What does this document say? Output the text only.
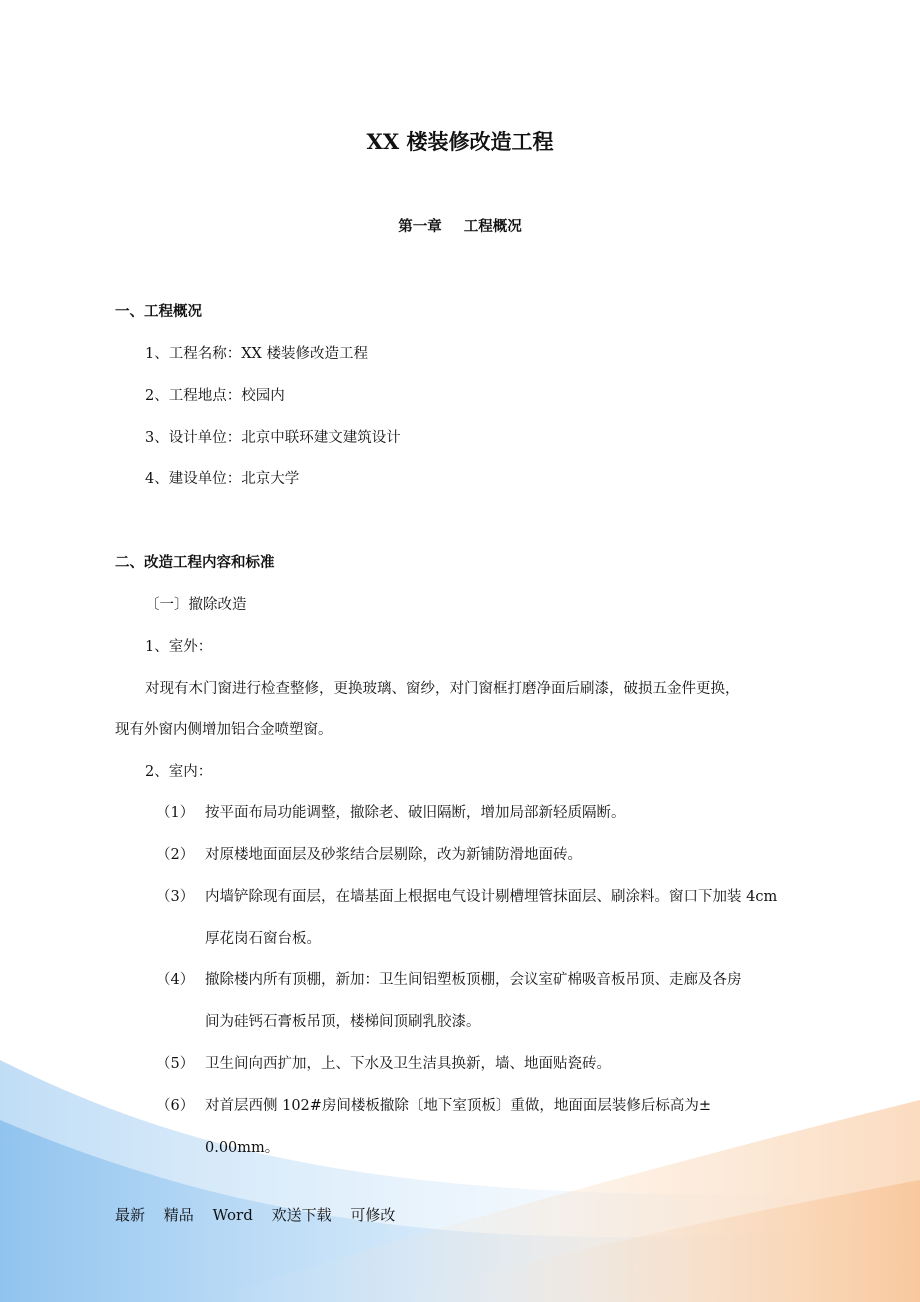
XX 楼装修改造工程
第一章 工程概况
一、工程概况
1、工程名称：XX 楼装修改造工程
2、工程地点：校园内
3、设计单位：北京中联环建文建筑设计
4、建设单位：北京大学
二、改造工程内容和标准
〔一〕撤除改造
1、室外：
对现有木门窗进行检查整修，更换玻璃、窗纱，对门窗框打磨净面后刷漆，破损五金件更换，
现有外窗内侧增加铝合金喷塑窗。
2、室内：
（1） 按平面布局功能调整，撤除老、破旧隔断，增加局部新轻质隔断。
（2） 对原楼地面面层及砂浆结合层剔除，改为新铺防滑地面砖。
（3） 内墙铲除现有面层，在墙基面上根据电气设计剔槽埋管抹面层、刷涂料。窗口下加装 4cm
厚花岗石窗台板。
（4） 撤除楼内所有顶棚，新加：卫生间铝塑板顶棚，会议室矿棉吸音板吊顶、走廊及各房
间为硅钙石膏板吊顶，楼梯间顶刷乳胶漆。
（5） 卫生间向西扩加，上、下水及卫生洁具换新，墙、地面贴瓷砖。
（6） 对首层西侧 102#房间楼板撤除〔地下室顶板〕重做，地面面层装修后标高为±
0.00mm。
最新 精品 Word 欢送下载 可修改
